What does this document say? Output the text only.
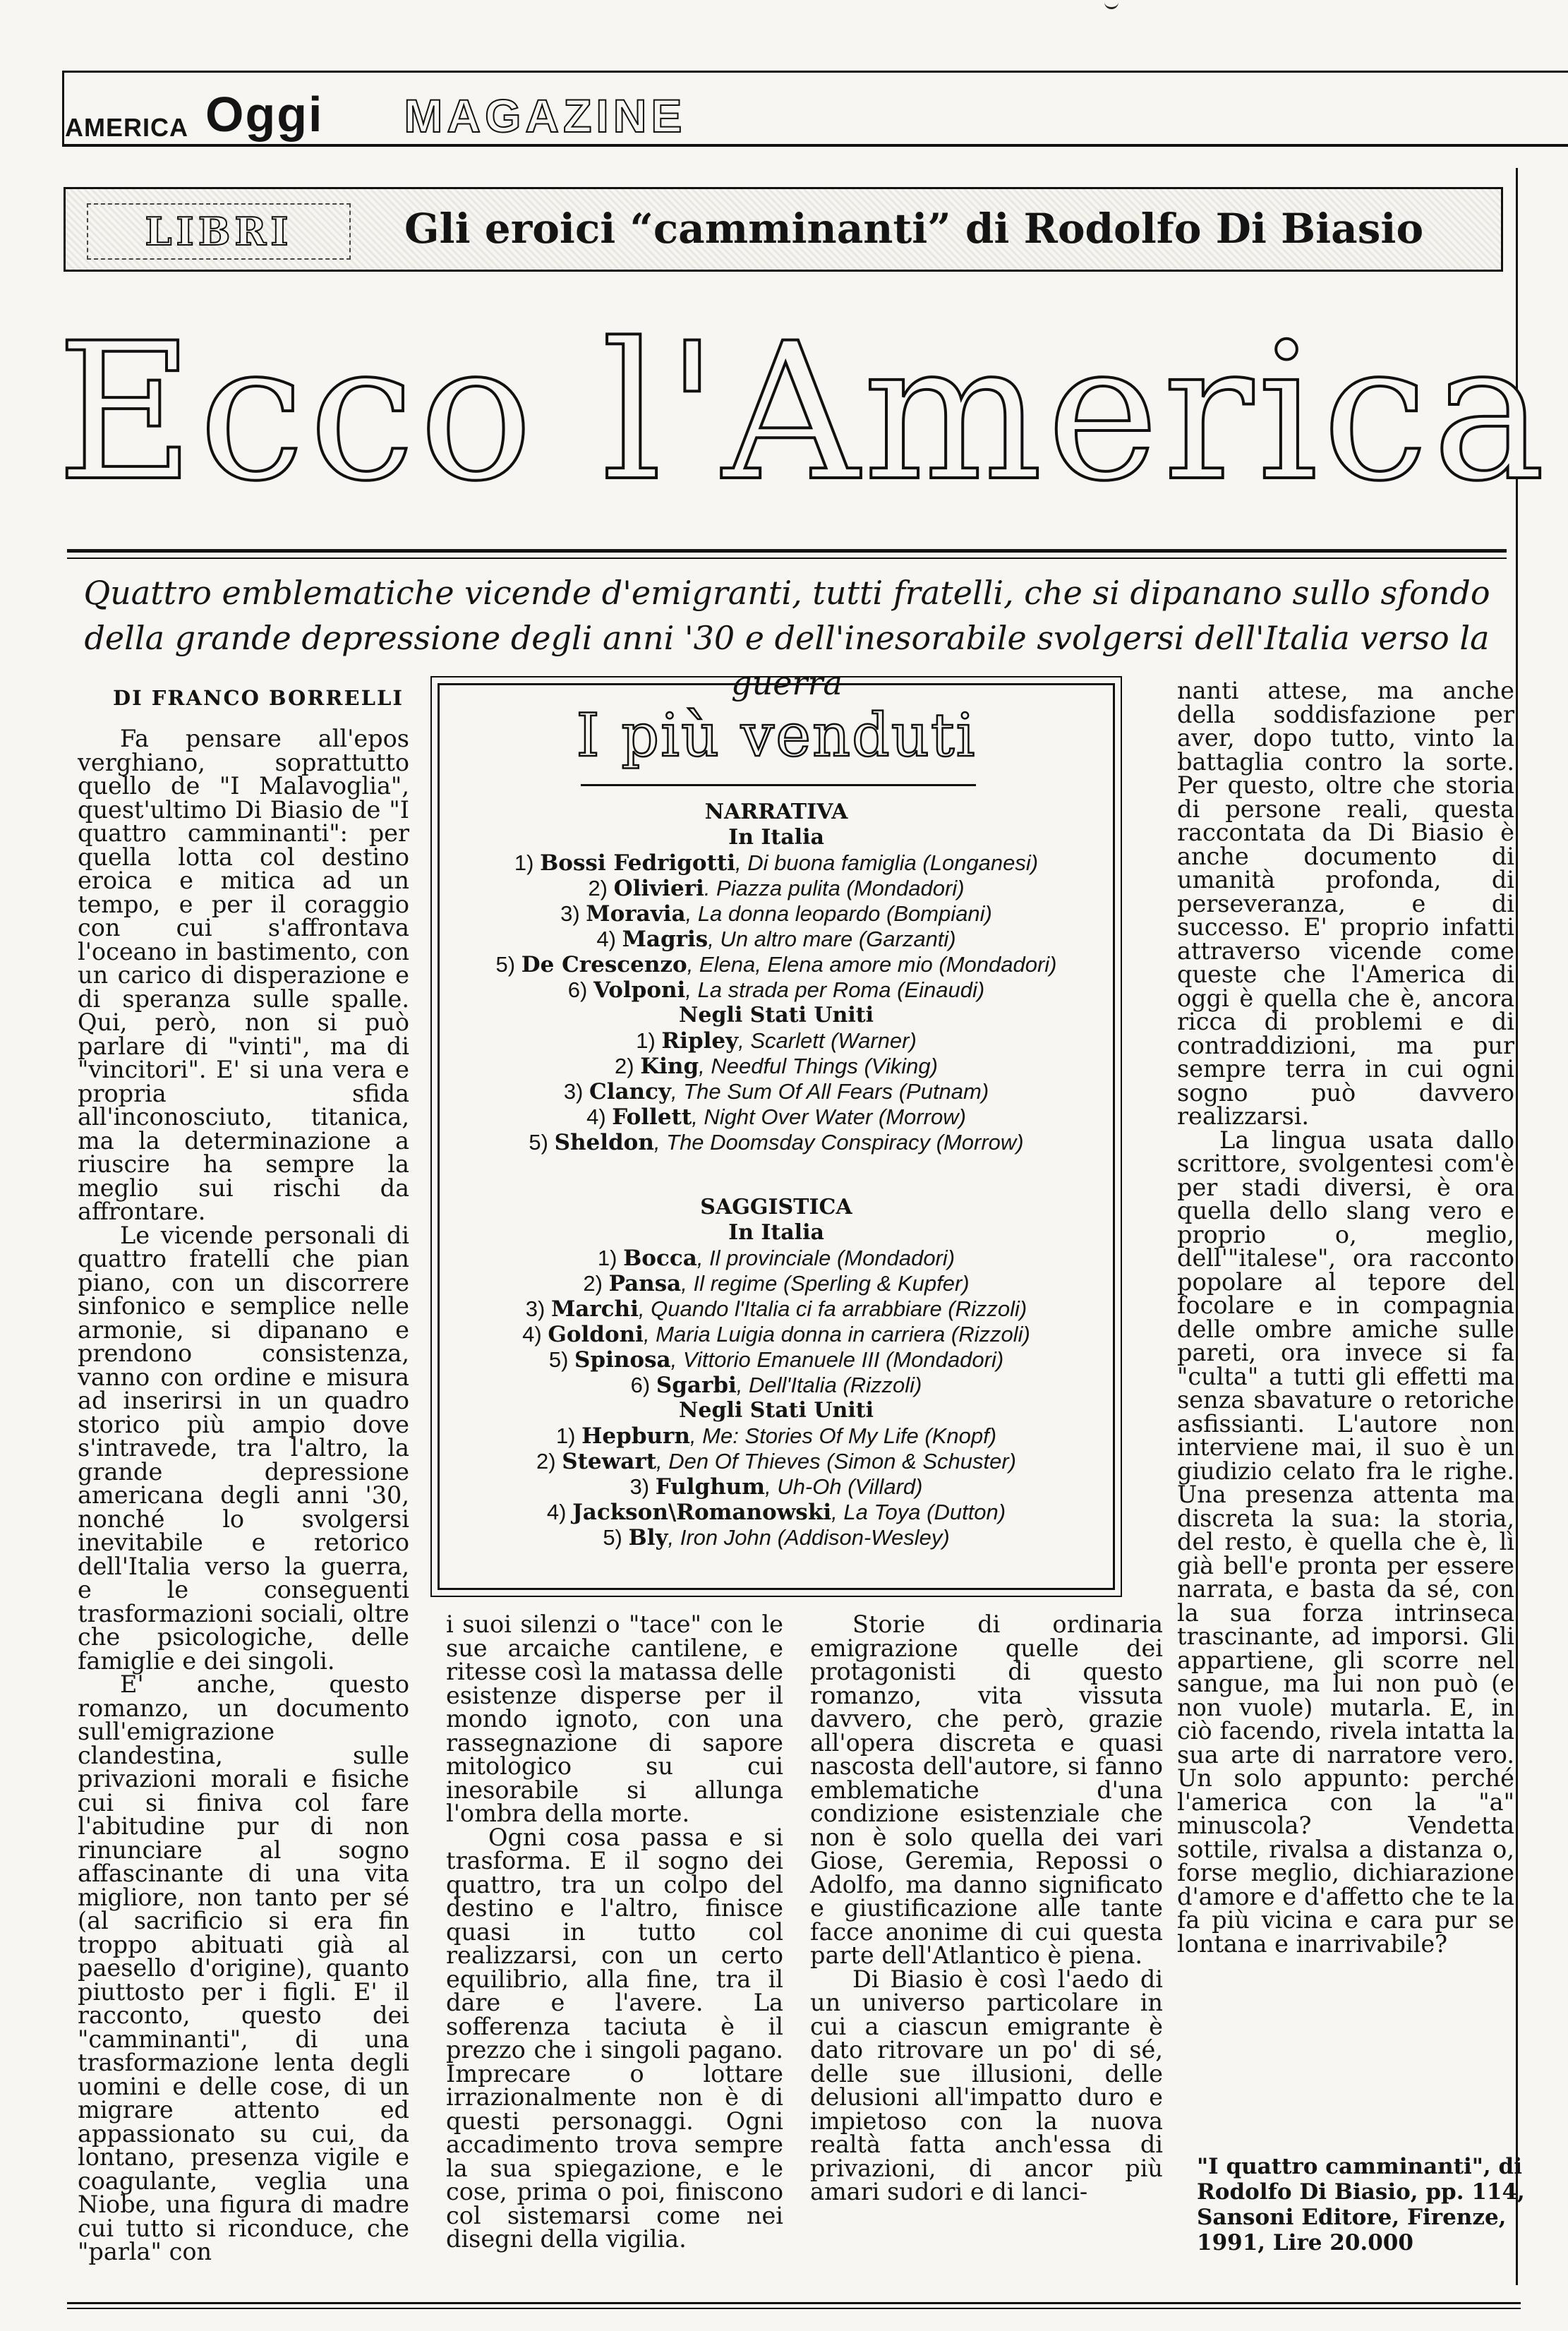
AMERICA Oggi MAGAZINE
LIBRI	Gli eroici “camminanti” di Rodolfo Di Biasio
Ecco l'America
Quattro emblematiche vicende d'emigranti, tutti fratelli, che si dipanano sullo sfondo
della grande depressione degli anni '30 e dell'inesorabile svolgersi dell'Italia verso la guerra
DI FRANCO BORRELLI

Fa pensare all'epos verghiano, soprattutto quello de "I Malavoglia", quest'ultimo Di Biasio de "I quattro camminanti": per quella lotta col destino eroica e mitica ad un tempo, e per il coraggio con cui s'affrontava l'oceano in bastimento, con un carico di disperazione e di speranza sulle spalle. Qui, però, non si può parlare di "vinti", ma di "vincitori". E' si una vera e propria sfida all'inconosciuto, titanica, ma la determinazione a riuscire ha sempre la meglio sui rischi da affrontare.

Le vicende personali di quattro fratelli che pian piano, con un discorrere sinfonico e semplice nelle armonie, si dipanano e prendono consistenza, vanno con ordine e misura ad inserirsi in un quadro storico più ampio dove s'intravede, tra l'altro, la grande depressione americana degli anni '30, nonché lo svolgersi inevitabile e retorico dell'Italia verso la guerra, e le conseguenti trasformazioni sociali, oltre che psicologiche, delle famiglie e dei singoli.

E' anche, questo romanzo, un documento sull'emigrazione clandestina, sulle privazioni morali e fisiche cui si finiva col fare l'abitudine pur di non rinunciare al sogno affascinante di una vita migliore, non tanto per sé (al sacrificio si era fin troppo abituati già al paesello d'origine), quanto piuttosto per i figli. E' il racconto, questo dei "camminanti", di una trasformazione lenta degli uomini e delle cose, di un migrare attento ed appassionato su cui, da lontano, presenza vigile e coagulante, veglia una Niobe, una figura di madre cui tutto si riconduce, che "parla" con

I più venduti
NARRATIVA
In Italia
1) Bossi Fedrigotti, Di buona famiglia (Longanesi)
2) Olivieri. Piazza pulita (Mondadori)
3) Moravia, La donna leopardo (Bompiani)
4) Magris, Un altro mare (Garzanti)
5) De Crescenzo, Elena, Elena amore mio (Mondadori)
6) Volponi, La strada per Roma (Einaudi)
Negli Stati Uniti
1) Ripley, Scarlett (Warner)
2) King, Needful Things (Viking)
3) Clancy, The Sum Of All Fears (Putnam)
4) Follett, Night Over Water (Morrow)
5) Sheldon, The Doomsday Conspiracy (Morrow)
SAGGISTICA
In Italia
1) Bocca, Il provinciale (Mondadori)
2) Pansa, Il regime (Sperling & Kupfer)
3) Marchi, Quando l'Italia ci fa arrabbiare (Rizzoli)
4) Goldoni, Maria Luigia donna in carriera (Rizzoli)
5) Spinosa, Vittorio Emanuele III (Mondadori)
6) Sgarbi, Dell'Italia (Rizzoli)
Negli Stati Uniti
1) Hepburn, Me: Stories Of My Life (Knopf)
2) Stewart, Den Of Thieves (Simon & Schuster)
3) Fulghum, Uh-Oh (Villard)
4) Jackson\Romanowski, La Toya (Dutton)
5) Bly, Iron John (Addison-Wesley)

i suoi silenzi o "tace" con le sue arcaiche cantilene, e ritesse così la matassa delle esistenze disperse per il mondo ignoto, con una rassegnazione di sapore mitologico su cui inesorabile si allunga l'ombra della morte.

Ogni cosa passa e si trasforma. E il sogno dei quattro, tra un colpo del destino e l'altro, finisce quasi in tutto col realizzarsi, con un certo equilibrio, alla fine, tra il dare e l'avere. La sofferenza taciuta è il prezzo che i singoli pagano. Imprecare o lottare irrazionalmente non è di questi personaggi. Ogni accadimento trova sempre la sua spiegazione, e le cose, prima o poi, finiscono col sistemarsi come nei disegni della vigilia.

Storie di ordinaria emigrazione quelle dei protagonisti di questo romanzo, vita vissuta davvero, che però, grazie all'opera discreta e quasi nascosta dell'autore, si fanno emblematiche d'una condizione esistenziale che non è solo quella dei vari Giose, Geremia, Repossi o Adolfo, ma danno significato e giustificazione alle tante facce anonime di cui questa parte dell'Atlantico è piena.

Di Biasio è così l'aedo di un universo particolare in cui a ciascun emigrante è dato ritrovare un po' di sé, delle sue illusioni, delle delusioni all'impatto duro e impietoso con la nuova realtà fatta anch'essa di privazioni, di ancor più amari sudori e di lanci-

nanti attese, ma anche della soddisfazione per aver, dopo tutto, vinto la battaglia contro la sorte. Per questo, oltre che storia di persone reali, questa raccontata da Di Biasio è anche documento di umanità profonda, di perseveranza, e di successo. E' proprio infatti attraverso vicende come queste che l'America di oggi è quella che è, ancora ricca di problemi e di contraddizioni, ma pur sempre terra in cui ogni sogno può davvero realizzarsi.

La lingua usata dallo scrittore, svolgentesi com'è per stadi diversi, è ora quella dello slang vero e proprio o, meglio, dell'"italese", ora racconto popolare al tepore del focolare e in compagnia delle ombre amiche sulle pareti, ora invece si fa "culta" a tutti gli effetti ma senza sbavature o retoriche asfissianti. L'autore non interviene mai, il suo è un giudizio celato fra le righe. Una presenza attenta ma discreta la sua: la storia, del resto, è quella che è, lì già bell'e pronta per essere narrata, e basta da sé, con la sua forza intrinseca trascinante, ad imporsi. Gli appartiene, gli scorre nel sangue, ma lui non può (e non vuole) mutarla. E, in ciò facendo, rivela intatta la sua arte di narratore vero. Un solo appunto: perché l'america con la "a" minuscola? Vendetta sottile, rivalsa a distanza o, forse meglio, dichiarazione d'amore e d'affetto che te la fa più vicina e cara pur se lontana e inarrivabile?

"I quattro camminanti", di Rodolfo Di Biasio, pp. 114, Sansoni Editore, Firenze, 1991, Lire 20.000
